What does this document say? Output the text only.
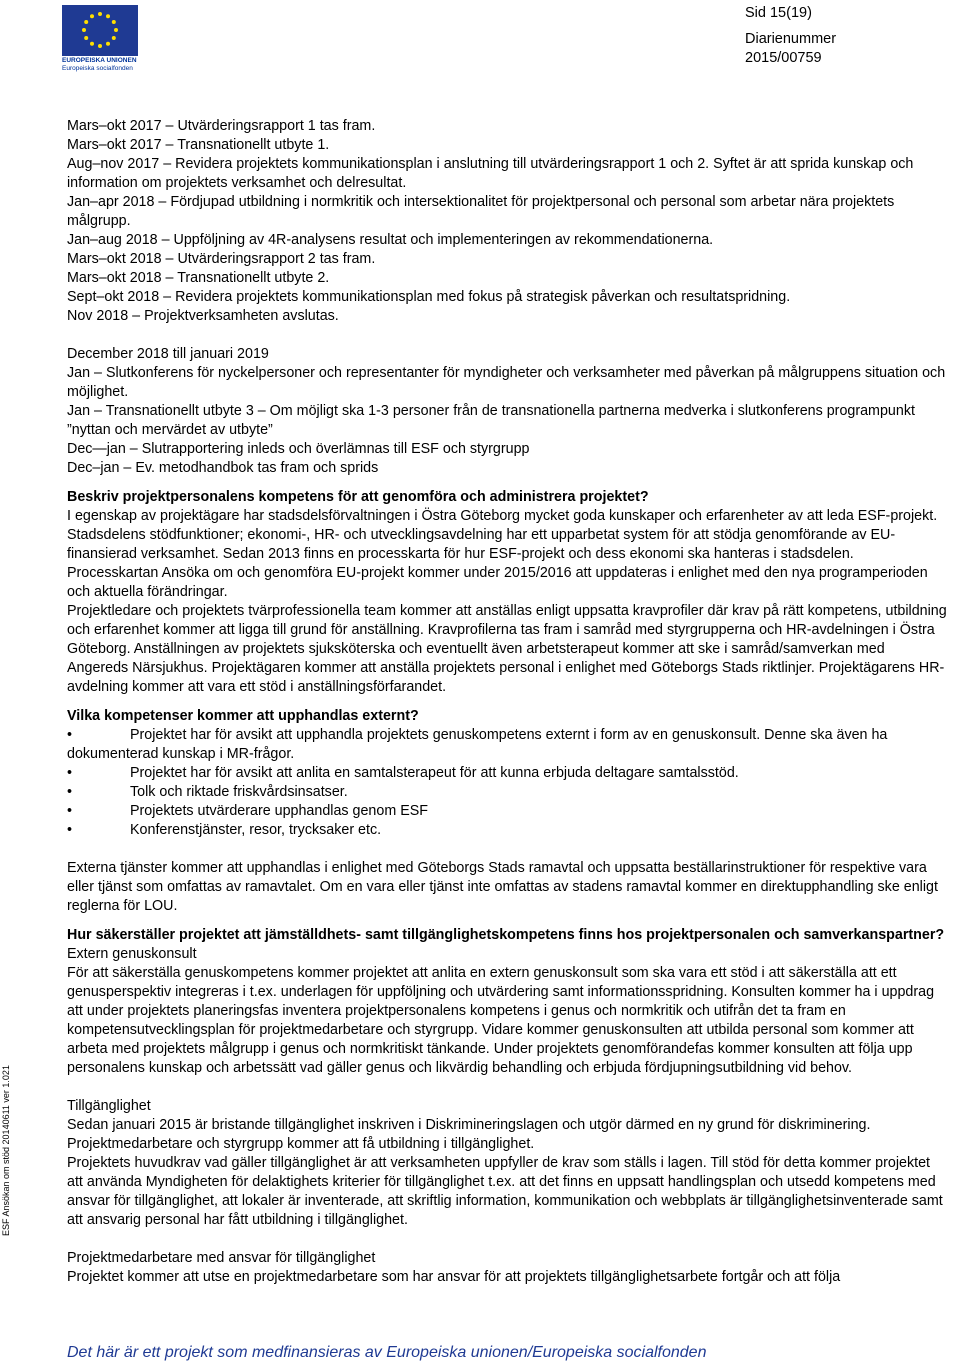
EUROPEISKA UNIONEN
Europeiska socialfonden
Sid 15(19)
Diarienummer
2015/00759
ESF Ansökan om stöd 20140611 ver 1.021

Mars–okt 2017 – Utvärderingsrapport 1 tas fram.

Mars–okt 2017 – Transnationellt utbyte 1.

Aug–nov 2017 – Revidera projektets kommunikationsplan i anslutning till utvärderingsrapport 1 och 2. Syftet är att sprida kunskap och information om projektets verksamhet och delresultat.

Jan–apr 2018 – Fördjupad utbildning i normkritik och intersektionalitet för projektpersonal och personal som arbetar nära projektets målgrupp.

Jan–aug 2018 – Uppföljning av 4R-analysens resultat och implementeringen av rekommendationerna.

Mars–okt 2018 – Utvärderingsrapport 2 tas fram.

Mars–okt 2018 – Transnationellt utbyte 2.

Sept–okt 2018 – Revidera projektets kommunikationsplan med fokus på strategisk påverkan och resultatspridning.

Nov 2018 – Projektverksamheten avslutas.

December 2018 till januari 2019

Jan – Slutkonferens för nyckelpersoner och representanter för myndigheter och verksamheter med påverkan på målgruppens situation och möjlighet.

Jan – Transnationellt utbyte 3 – Om möjligt ska 1-3 personer från de transnationella partnerna medverka i slutkonferens programpunkt ”nyttan och mervärdet av utbyte”

Dec—jan – Slutrapportering inleds och överlämnas till ESF och styrgrupp

Dec–jan – Ev. metodhandbok tas fram och sprids

Beskriv projektpersonalens kompetens för att genomföra och administrera projektet?

I egenskap av projektägare har stadsdelsförvaltningen i Östra Göteborg mycket goda kunskaper och erfarenheter av att leda ESF-projekt. Stadsdelens stödfunktioner; ekonomi-, HR- och utvecklingsavdelning har ett upparbetat system för att stödja genomförande av EU-finansierad verksamhet. Sedan 2013 finns en processkarta för hur ESF-projekt och dess ekonomi ska hanteras i stadsdelen. Processkartan Ansöka om och genomföra EU-projekt kommer under 2015/2016 att uppdateras i enlighet med den nya programperioden och aktuella förändringar.

Projektledare och projektets tvärprofessionella team kommer att anställas enligt uppsatta kravprofiler där krav på rätt kompetens, utbildning och erfarenhet kommer att ligga till grund för anställning. Kravprofilerna tas fram i samråd med styrgrupperna och HR-avdelningen i Östra Göteborg. Anställningen av projektets sjuksköterska och eventuellt även arbetsterapeut kommer att ske i samråd/samverkan med Angereds Närsjukhus. Projektägaren kommer att anställa projektets personal i enlighet med Göteborgs Stads riktlinjer. Projektägarens HR-avdelning kommer att vara ett stöd i anställningsförfarandet.

Vilka kompetenser kommer att upphandlas externt?

•	Projektet har för avsikt att upphandla projektets genuskompetens externt i form av en genuskonsult. Denne ska även ha dokumenterad kunskap i MR-frågor.

•	Projektet har för avsikt att anlita en samtalsterapeut för att kunna erbjuda deltagare samtalsstöd.

•	Tolk och riktade friskvårdsinsatser.

•	Projektets utvärderare upphandlas genom ESF

•	Konferenstjänster, resor, trycksaker etc.

Externa tjänster kommer att upphandlas i enlighet med Göteborgs Stads ramavtal och uppsatta beställarinstruktioner för respektive vara eller tjänst som omfattas av ramavtalet. Om en vara eller tjänst inte omfattas av stadens ramavtal kommer en direktupphandling ske enligt reglerna för LOU.

Hur säkerställer projektet att jämställdhets- samt tillgänglighetskompetens finns hos projektpersonalen och samverkanspartner?

Extern genuskonsult

För att säkerställa genuskompetens kommer projektet att anlita en extern genuskonsult som ska vara ett stöd i att säkerställa att ett genusperspektiv integreras i t.ex. underlagen för uppföljning och utvärdering samt informationsspridning. Konsulten kommer ha i uppdrag att under projektets planeringsfas inventera projektpersonalens kompetens i genus och normkritik och utifrån det ta fram en kompetensutvecklingsplan för projektmedarbetare och styrgrupp. Vidare kommer genuskonsulten att utbilda personal som kommer att arbeta med projektets målgrupp i genus och normkritiskt tänkande. Under projektets genomförandefas kommer konsulten att följa upp personalens kunskap och arbetssätt vad gäller genus och likvärdig behandling och erbjuda fördjupningsutbildning vid behov.

Tillgänglighet

Sedan januari 2015 är bristande tillgänglighet inskriven i Diskrimineringslagen och utgör därmed en ny grund för diskriminering. Projektmedarbetare och styrgrupp kommer att få utbildning i tillgänglighet.

Projektets huvudkrav vad gäller tillgänglighet är att verksamheten uppfyller de krav som ställs i lagen. Till stöd för detta kommer projektet att använda Myndigheten för delaktighets kriterier för tillgänglighet t.ex. att det finns en uppsatt handlingsplan och utsedd kompetens med ansvar för tillgänglighet, att lokaler är inventerade, att skriftlig information, kommunikation och webbplats är tillgänglighetsinventerade samt att ansvarig personal har fått utbildning i tillgänglighet.

Projektmedarbetare med ansvar för tillgänglighet

Projektet kommer att utse en projektmedarbetare som har ansvar för att projektets tillgänglighetsarbete fortgår och att följa

Det här är ett projekt som medfinansieras av Europeiska unionen/Europeiska socialfonden
